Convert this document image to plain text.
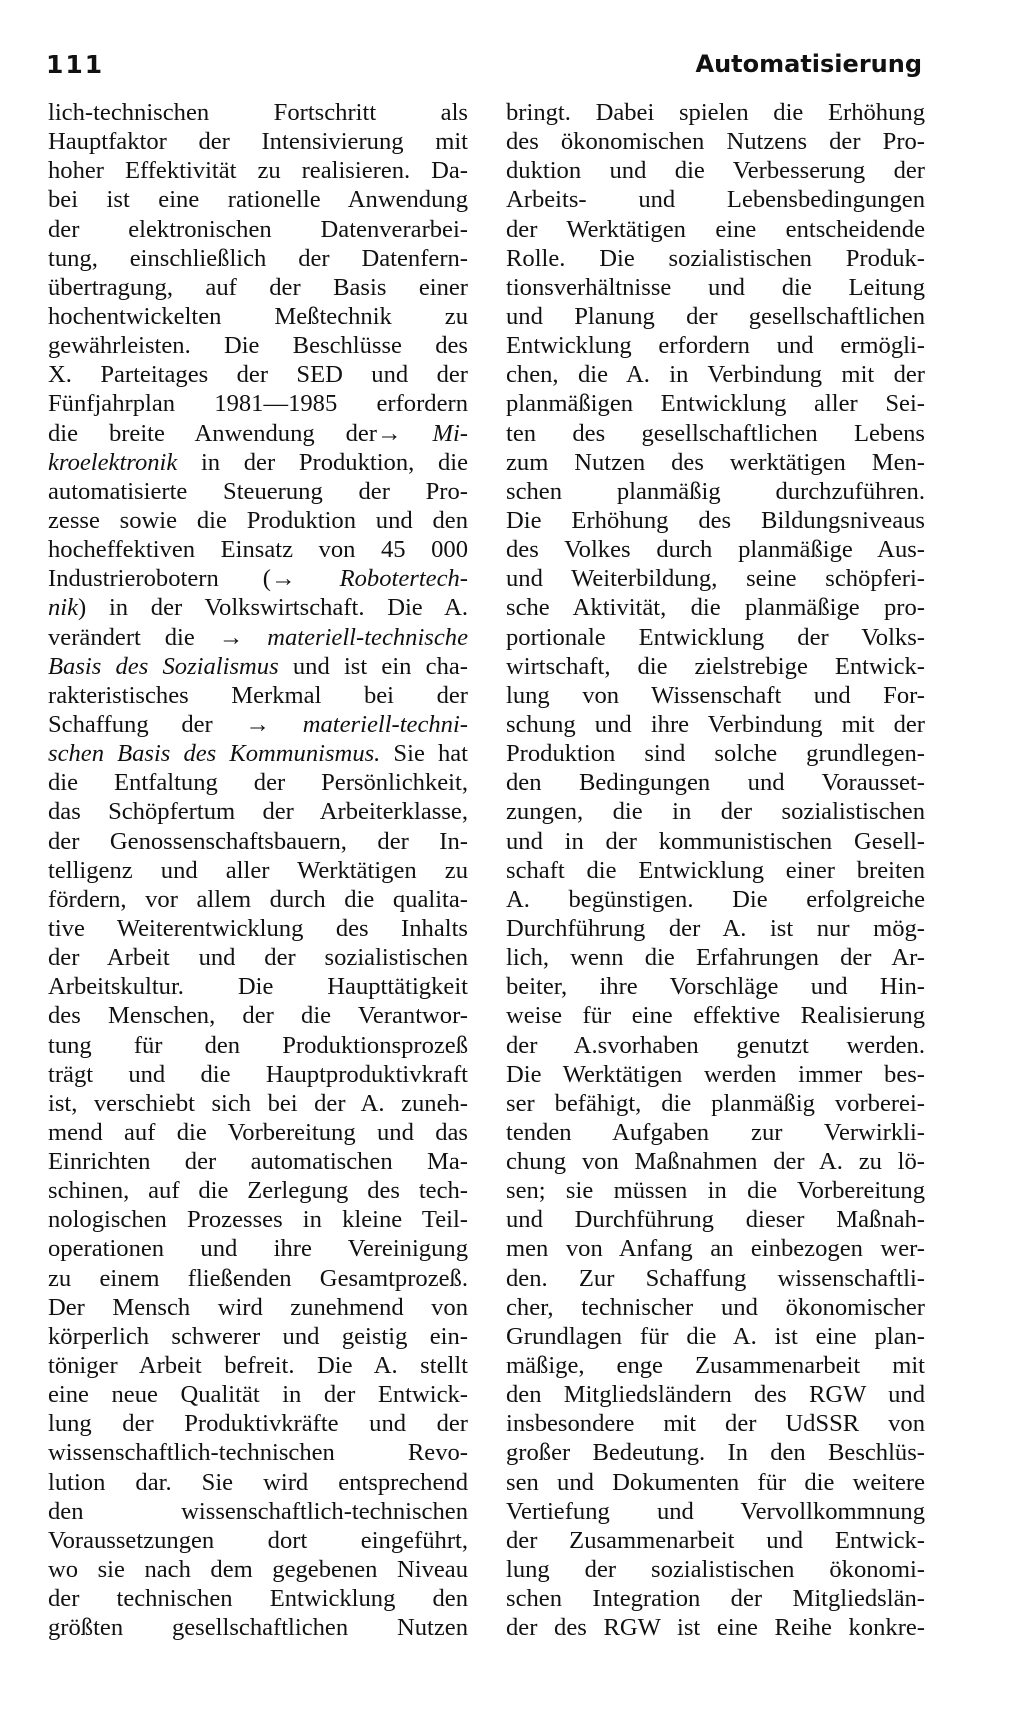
111	Automatisierung
lich-technischen Fortschritt als
Hauptfaktor der Intensivierung mit
hoher Effektivität zu realisieren. Da-
bei ist eine rationelle Anwendung
der elektronischen Datenverarbei-
tung, einschließlich der Datenfern-
übertragung, auf der Basis einer
hochentwickelten Meßtechnik zu
gewährleisten. Die Beschlüsse des
X. Parteitages der SED und der
Fünfjahrplan 1981—1985 erfordern
die breite Anwendung der→ Mi-
kroelektronik in der Produktion, die
automatisierte Steuerung der Pro-
zesse sowie die Produktion und den
hocheffektiven Einsatz von 45 000
Industrierobotern (→ Robotertech-
nik) in der Volkswirtschaft. Die A.
verändert die → materiell-technische
Basis des Sozialismus und ist ein cha-
rakteristisches Merkmal bei der
Schaffung der → materiell-techni-
schen Basis des Kommunismus. Sie hat
die Entfaltung der Persönlichkeit,
das Schöpfertum der Arbeiterklasse,
der Genossenschaftsbauern, der In-
telligenz und aller Werktätigen zu
fördern, vor allem durch die qualita-
tive Weiterentwicklung des Inhalts
der Arbeit und der sozialistischen
Arbeitskultur. Die Haupttätigkeit
des Menschen, der die Verantwor-
tung für den Produktionsprozeß
trägt und die Hauptproduktivkraft
ist, verschiebt sich bei der A. zuneh-
mend auf die Vorbereitung und das
Einrichten der automatischen Ma-
schinen, auf die Zerlegung des tech-
nologischen Prozesses in kleine Teil-
operationen und ihre Vereinigung
zu einem fließenden Gesamtprozeß.
Der Mensch wird zunehmend von
körperlich schwerer und geistig ein-
töniger Arbeit befreit. Die A. stellt
eine neue Qualität in der Entwick-
lung der Produktivkräfte und der
wissenschaftlich-technischen Revo-
lution dar. Sie wird entsprechend
den wissenschaftlich-technischen
Voraussetzungen dort eingeführt,
wo sie nach dem gegebenen Niveau
der technischen Entwicklung den
größten gesellschaftlichen Nutzen
bringt. Dabei spielen die Erhöhung
des ökonomischen Nutzens der Pro-
duktion und die Verbesserung der
Arbeits- und Lebensbedingungen
der Werktätigen eine entscheidende
Rolle. Die sozialistischen Produk-
tionsverhältnisse und die Leitung
und Planung der gesellschaftlichen
Entwicklung erfordern und ermögli-
chen, die A. in Verbindung mit der
planmäßigen Entwicklung aller Sei-
ten des gesellschaftlichen Lebens
zum Nutzen des werktätigen Men-
schen planmäßig durchzuführen.
Die Erhöhung des Bildungsniveaus
des Volkes durch planmäßige Aus-
und Weiterbildung, seine schöpferi-
sche Aktivität, die planmäßige pro-
portionale Entwicklung der Volks-
wirtschaft, die zielstrebige Entwick-
lung von Wissenschaft und For-
schung und ihre Verbindung mit der
Produktion sind solche grundlegen-
den Bedingungen und Vorausset-
zungen, die in der sozialistischen
und in der kommunistischen Gesell-
schaft die Entwicklung einer breiten
A. begünstigen. Die erfolgreiche
Durchführung der A. ist nur mög-
lich, wenn die Erfahrungen der Ar-
beiter, ihre Vorschläge und Hin-
weise für eine effektive Realisierung
der A.svorhaben genutzt werden.
Die Werktätigen werden immer bes-
ser befähigt, die planmäßig vorberei-
tenden Aufgaben zur Verwirkli-
chung von Maßnahmen der A. zu lö-
sen; sie müssen in die Vorbereitung
und Durchführung dieser Maßnah-
men von Anfang an einbezogen wer-
den. Zur Schaffung wissenschaftli-
cher, technischer und ökonomischer
Grundlagen für die A. ist eine plan-
mäßige, enge Zusammenarbeit mit
den Mitgliedsländern des RGW und
insbesondere mit der UdSSR von
großer Bedeutung. In den Beschlüs-
sen und Dokumenten für die weitere
Vertiefung und Vervollkommnung
der Zusammenarbeit und Entwick-
lung der sozialistischen ökonomi-
schen Integration der Mitgliedslän-
der des RGW ist eine Reihe konkre-
